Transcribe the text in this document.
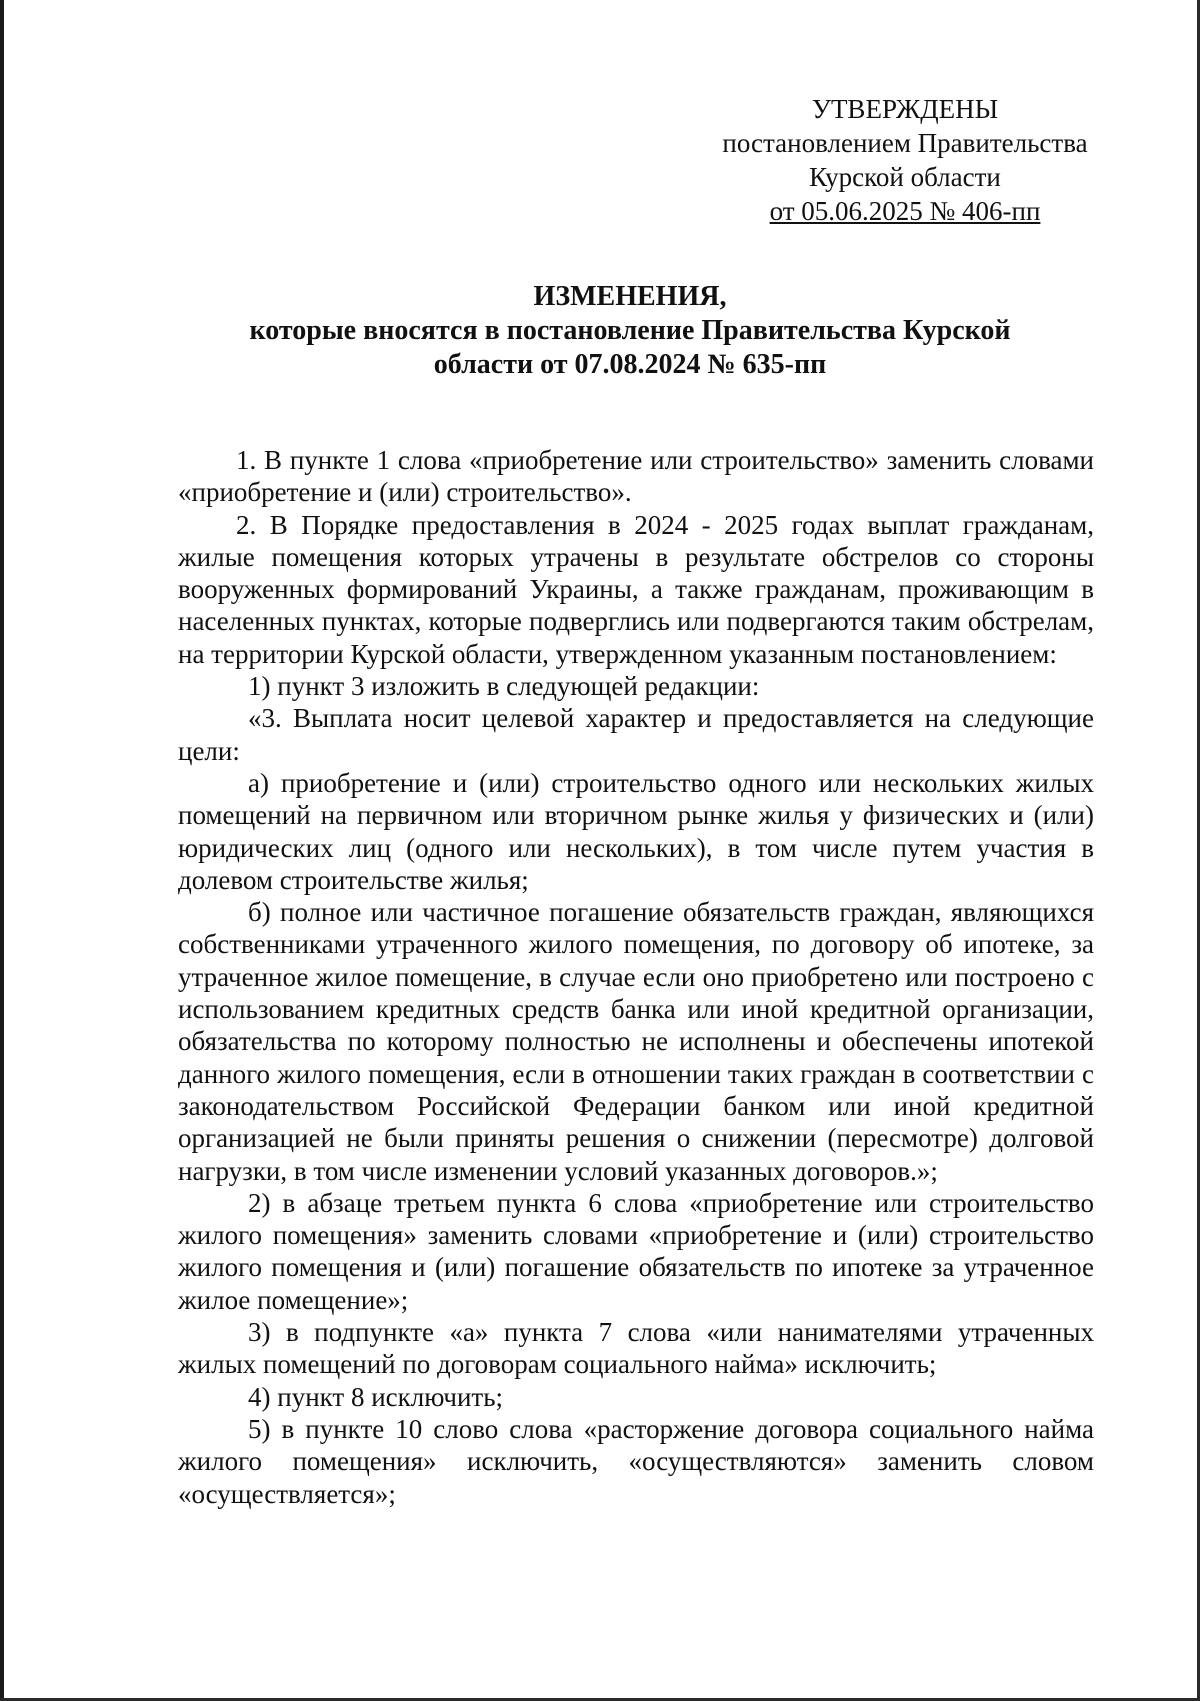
УТВЕРЖДЕНЫ
постановлением Правительства
Курской области
от 05.06.2025 № 406-пп
ИЗМЕНЕНИЯ,
которые вносятся в постановление Правительства Курской
области от 07.08.2024 № 635-пп

1. В пункте 1 слова «приобретение или строительство» заменить словами «приобретение и (или) строительство».

2. В Порядке предоставления в 2024 - 2025 годах выплат гражданам, жилые помещения которых утрачены в результате обстрелов со стороны вооруженных формирований Украины, а также гражданам, проживающим в населенных пунктах, которые подверглись или подвергаются таким обстрелам, на территории Курской области, утвержденном указанным постановлением:

1) пункт 3 изложить в следующей редакции:

«3. Выплата носит целевой характер и предоставляется на следующие цели:

а) приобретение и (или) строительство одного или нескольких жилых помещений на первичном или вторичном рынке жилья у физических и (или) юридических лиц (одного или нескольких), в том числе путем участия в долевом строительстве жилья;

б) полное или частичное погашение обязательств граждан, являющихся собственниками утраченного жилого помещения, по договору об ипотеке, за утраченное жилое помещение, в случае если оно приобретено или построено с использованием кредитных средств банка или иной кредитной организации, обязательства по которому полностью не исполнены и обеспечены ипотекой данного жилого помещения, если в отношении таких граждан в соответствии с законодательством Российской Федерации банком или иной кредитной организацией не были приняты решения о снижении (пересмотре) долговой нагрузки, в том числе изменении условий указанных договоров.»;

2) в абзаце третьем пункта 6 слова «приобретение или строительство жилого помещения» заменить словами «приобретение и (или) строительство жилого помещения и (или) погашение обязательств по ипотеке за утраченное жилое помещение»;

3) в подпункте «а» пункта 7 слова «или нанимателями утраченных жилых помещений по договорам социального найма» исключить;

4) пункт 8 исключить;

5) в пункте 10 слово слова «расторжение договора социального найма жилого помещения» исключить, «осуществляются» заменить словом «осуществляется»;
